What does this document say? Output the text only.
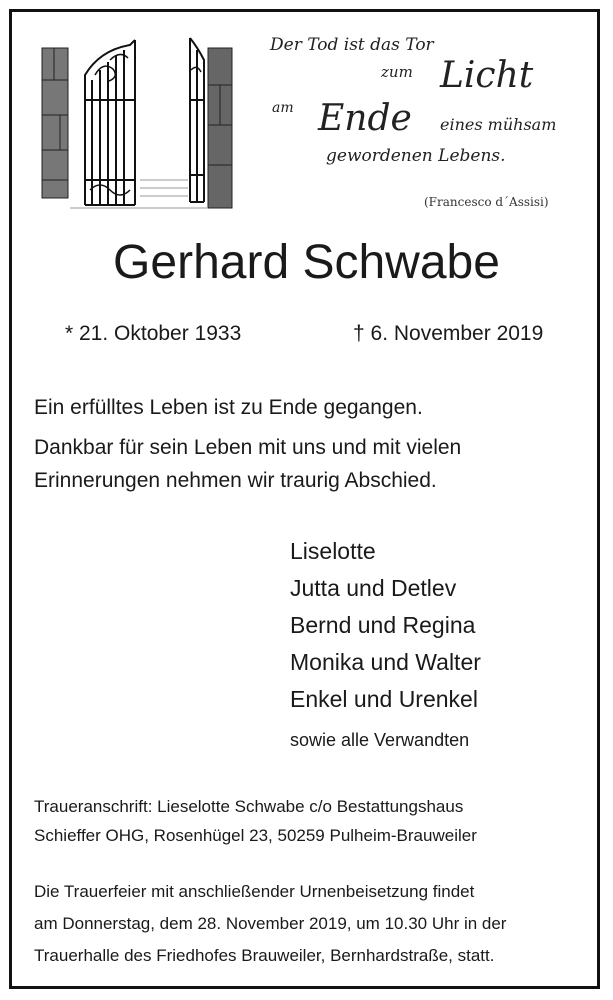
Der Tod ist das Tor
zum Licht
am Ende eines mühsam
gewordenen Lebens.
(Francesco d´Assisi)
Gerhard Schwabe
* 21. Oktober 1933	† 6. November 2019
Ein erfülltes Leben ist zu Ende gegangen.
Dankbar für sein Leben mit uns und mit vielen
Erinnerungen nehmen wir traurig Abschied.
Liselotte
Jutta und Detlev
Bernd und Regina
Monika und Walter
Enkel und Urenkel
sowie alle Verwandten
Traueranschrift: Lieselotte Schwabe c/o Bestattungshaus
Schieffer OHG, Rosenhügel 23, 50259 Pulheim-Brauweiler
Die Trauerfeier mit anschließender Urnenbeisetzung findet
am Donnerstag, dem 28. November 2019, um 10.30 Uhr in der
Trauerhalle des Friedhofes Brauweiler, Bernhardstraße, statt.
